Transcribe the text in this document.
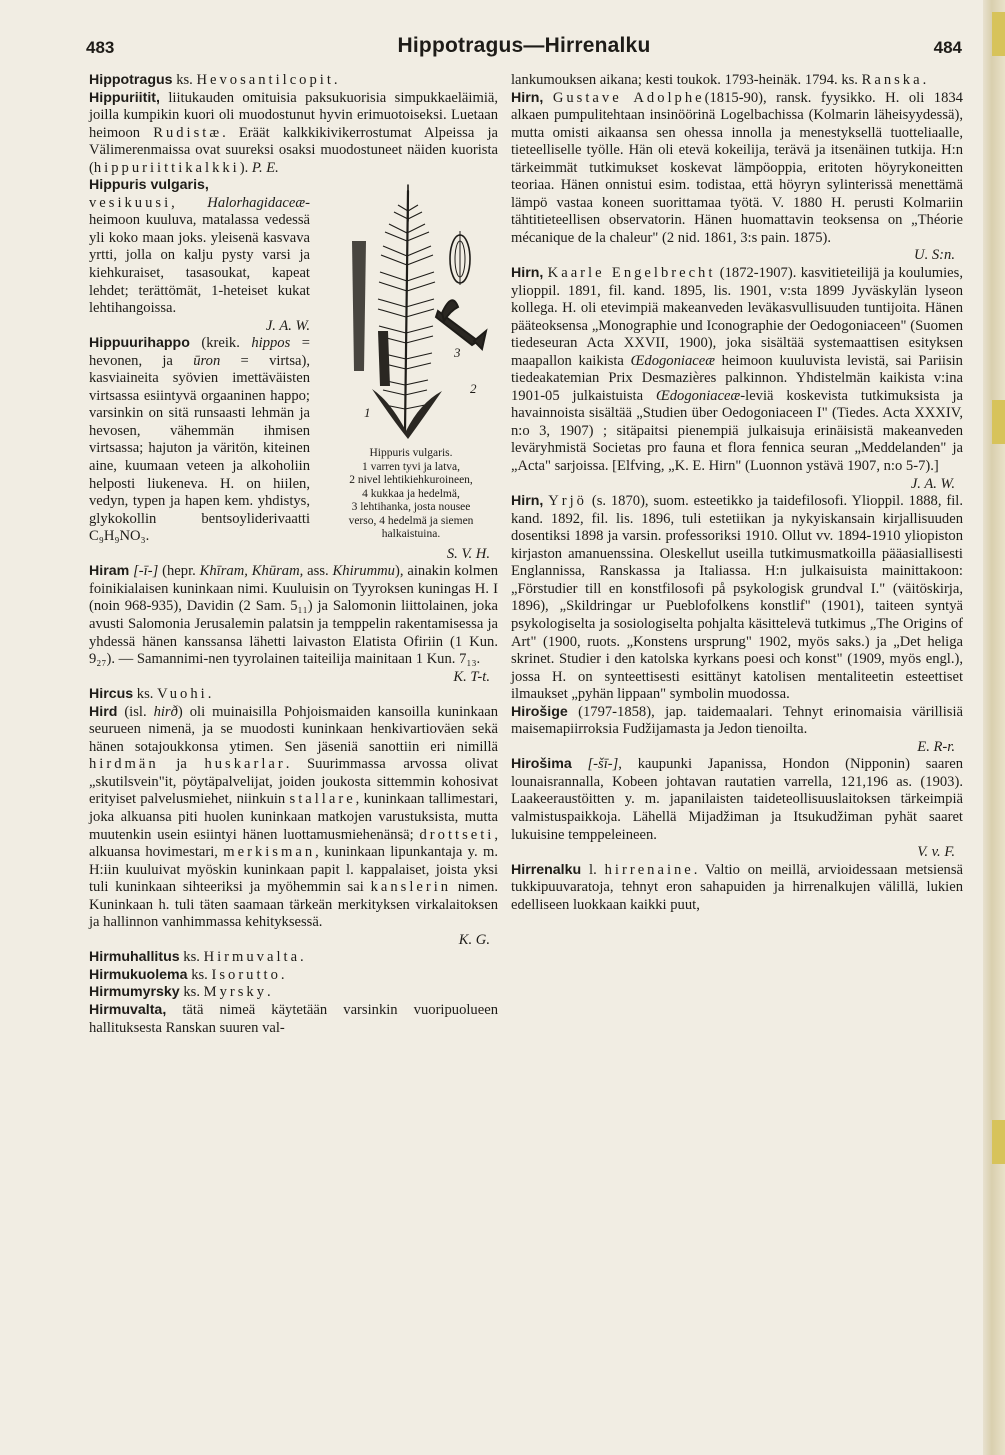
483	Hippotragus—Hirrenalku	484

Hippotragus ks. Hevosantilcopit.

Hippuriitit, liitukauden omituisia paksukuorisia simpukkaeläimiä, joilla kumpikin kuori oli muodostunut hyvin erimuotoiseksi. Luetaan heimoon Rudistæ. Eräät kalkkikivikerrostumat Alpeissa ja Välimerenmaissa ovat suureksi osaksi muodostuneet näiden kuorista (hippuriittikalkki). P. E.

3
1
2
Hippuris vulgaris.
1 varren tyvi ja latva,
2 nivel lehtikiehkuroineen,
4 kukkaa ja hedelmä,
3 lehtihanka, josta nousee
verso, 4 hedelmä ja siemen
halkaistuina.

Hippuris vulgaris,
vesikuusi, Halorhagidaceæ-heimoon kuuluva, matalassa vedessä yli koko maan joks. yleisenä kasvava yrtti, jolla on kalju pysty varsi ja kiehkuraiset, tasasoukat, kapeat lehdet; terättömät, 1-heteiset kukat lehtihangoissa.
J. A. W.

Hippuurihappo (kreik. hippos = hevonen, ja ūron = virtsa), kasviaineita syövien imettäväisten virtsassa esiintyvä orgaaninen happo; varsinkin on sitä runsaasti lehmän ja hevosen, vähemmän ihmisen virtsassa; hajuton ja väritön, kiteinen aine, kuumaan veteen ja alkoholiin helposti liukeneva. H. on hiilen, vedyn, typen ja hapen kem. yhdistys, glykokollin bentsoyliderivaatti C₉H₉NO₃.
S. V. H.

Hiram [-ī-] (hepr. Khīram, Khūram, ass. Khirummu), ainakin kolmen foinikialaisen kuninkaan nimi. Kuuluisin on Tyyroksen kuningas H. I (noin 968-935), Davidin (2 Sam. 5₁₁) ja Salomonin liittolainen, joka avusti Salomonia Jerusalemin palatsin ja temppelin rakentamisessa ja yhdessä hänen kanssansa lähetti laivaston Elatista Ofiriin (1 Kun. 9₂₇). — Samannimi-nen tyyrolainen taiteilija mainitaan 1 Kun. 7₁₃.
K. T-t.

Hircus ks. Vuohi.

Hird (isl. hirð) oli muinaisilla Pohjoismaiden kansoilla kuninkaan seurueen nimenä, ja se muodosti kuninkaan henkivartioväen sekä hänen sotajoukkonsa ytimen. Sen jäseniä sanottiin eri nimillä hirdmän ja huskarlar. Suurimmassa arvossa olivat „skutilsvein"it, pöytäpalvelijat, joiden joukosta sittemmin kohosivat erityiset palvelusmiehet, niinkuin stallare, kuninkaan tallimestari, joka alkuansa piti huolen kuninkaan matkojen varustuksista, mutta muutenkin usein esiintyi hänen luottamusmiehenänsä; drottseti, alkuansa hovimestari, merkisman, kuninkaan lipunkantaja y. m. H:iin kuuluivat myöskin kuninkaan papit l. kappalaiset, joista yksi tuli kuninkaan sihteeriksi ja myöhemmin sai kanslerin nimen. Kuninkaan h. tuli täten saamaan tärkeän merkityksen virkalaitoksen ja hallinnon vanhimmassa kehityksessä.
K. G.

Hirmuhallitus ks. Hirmuvalta.

Hirmukuolema ks. Isorutto.

Hirmumyrsky ks. Myrsky.

Hirmuvalta, tätä nimeä käytetään varsinkin vuoripuolueen hallituksesta Ranskan suuren val-

lankumouksen aikana; kesti toukok. 1793-heinäk. 1794. ks. Ranska.

Hirn, Gustave Adolphe(1815-90), ransk. fyysikko. H. oli 1834 alkaen pumpulitehtaan insinöörinä Logelbachissa (Kolmarin läheisyydessä), mutta omisti aikaansa sen ohessa innolla ja menestyksellä tuotteliaalle, tieteelliselle työlle. Hän oli etevä kokeilija, terävä ja itsenäinen tutkija. H:n tärkeimmät tutkimukset koskevat lämpöoppia, eritoten höyrykoneitten teoriaa. Hänen onnistui esim. todistaa, että höyryn sylinterissä menettämä lämpö vastaa koneen suorittamaa työtä. V. 1880 H. perusti Kolmariin tähtitieteellisen observatorin. Hänen huomattavin teoksensa on „Théorie mécanique de la chaleur" (2 nid. 1861, 3:s pain. 1875).
U. S:n.

Hirn, Kaarle Engelbrecht (1872-1907). kasvitieteilijä ja koulumies, ylioppil. 1891, fil. kand. 1895, lis. 1901, v:sta 1899 Jyväskylän lyseon kollega. H. oli etevimpiä makeanveden leväkasvullisuuden tuntijoita. Hänen pääteoksensa „Monographie und Iconographie der Oedogoniaceen" (Suomen tiedeseuran Acta XXVII, 1900), joka sisältää systemaattisen esityksen maapallon kaikista Œdogoniaceæ heimoon kuuluvista levistä, sai Pariisin tiedeakatemian Prix Desmazières palkinnon. Yhdistelmän kaikista v:ina 1901-05 julkaistuista Œdogoniaceæ-leviä koskevista tutkimuksista ja havainnoista sisältää „Studien über Oedogoniaceen I" (Tiedes. Acta XXXIV, n:o 3, 1907) ; sitäpaitsi pienempiä julkaisuja erinäisistä makeanveden leväryhmistä Societas pro fauna et flora fennica seuran „Meddelanden" ja „Acta" sarjoissa. [Elfving, „K. E. Hirn" (Luonnon ystävä 1907, n:o 5-7).]
J. A. W.

Hirn, Yrjö (s. 1870), suom. esteetikko ja taidefilosofi. Ylioppil. 1888, fil. kand. 1892, fil. lis. 1896, tuli estetiikan ja nykyiskansain kirjallisuuden dosentiksi 1898 ja varsin. professoriksi 1910. Ollut vv. 1894-1910 yliopiston kirjaston amanuenssina. Oleskellut useilla tutkimusmatkoilla pääasiallisesti Englannissa, Ranskassa ja Italiassa. H:n julkaisuista mainittakoon: „Förstudier till en konstfilosofi på psykologisk grundval I." (väitöskirja, 1896), „Skildringar ur Pueblofolkens konstlif" (1901), taiteen syntyä psykologiselta ja sosiologiselta pohjalta käsittelevä tutkimus „The Origins of Art" (1900, ruots. „Konstens ursprung" 1902, myös saks.) ja „Det heliga skrinet. Studier i den katolska kyrkans poesi och konst" (1909, myös engl.), jossa H. on synteettisesti esittänyt katolisen mentaliteetin esteettiset ilmaukset „pyhän lippaan" symbolin muodossa.

Hirošige (1797-1858), jap. taidemaalari. Tehnyt erinomaisia värillisiä maisemapiirroksia Fudžijamasta ja Jedon tienoilta.
E. R-r.

Hirošima [-šī-], kaupunki Japanissa, Hondon (Nipponin) saaren lounaisrannalla, Kobeen johtavan rautatien varrella, 121,196 as. (1903). Laakeeraustöitten y. m. japanilaisten taideteollisuuslaitoksen tärkeimpiä valmistuspaikkoja. Lähellä Mijadžiman ja Itsukudžiman pyhät saaret lukuisine temppeleineen.
V. v. F.

Hirrenalku l. hirrenaine. Valtio on meillä, arvioidessaan metsiensä tukkipuuvaratoja, tehnyt eron sahapuiden ja hirrenalkujen välillä, lukien edelliseen luokkaan kaikki puut,
